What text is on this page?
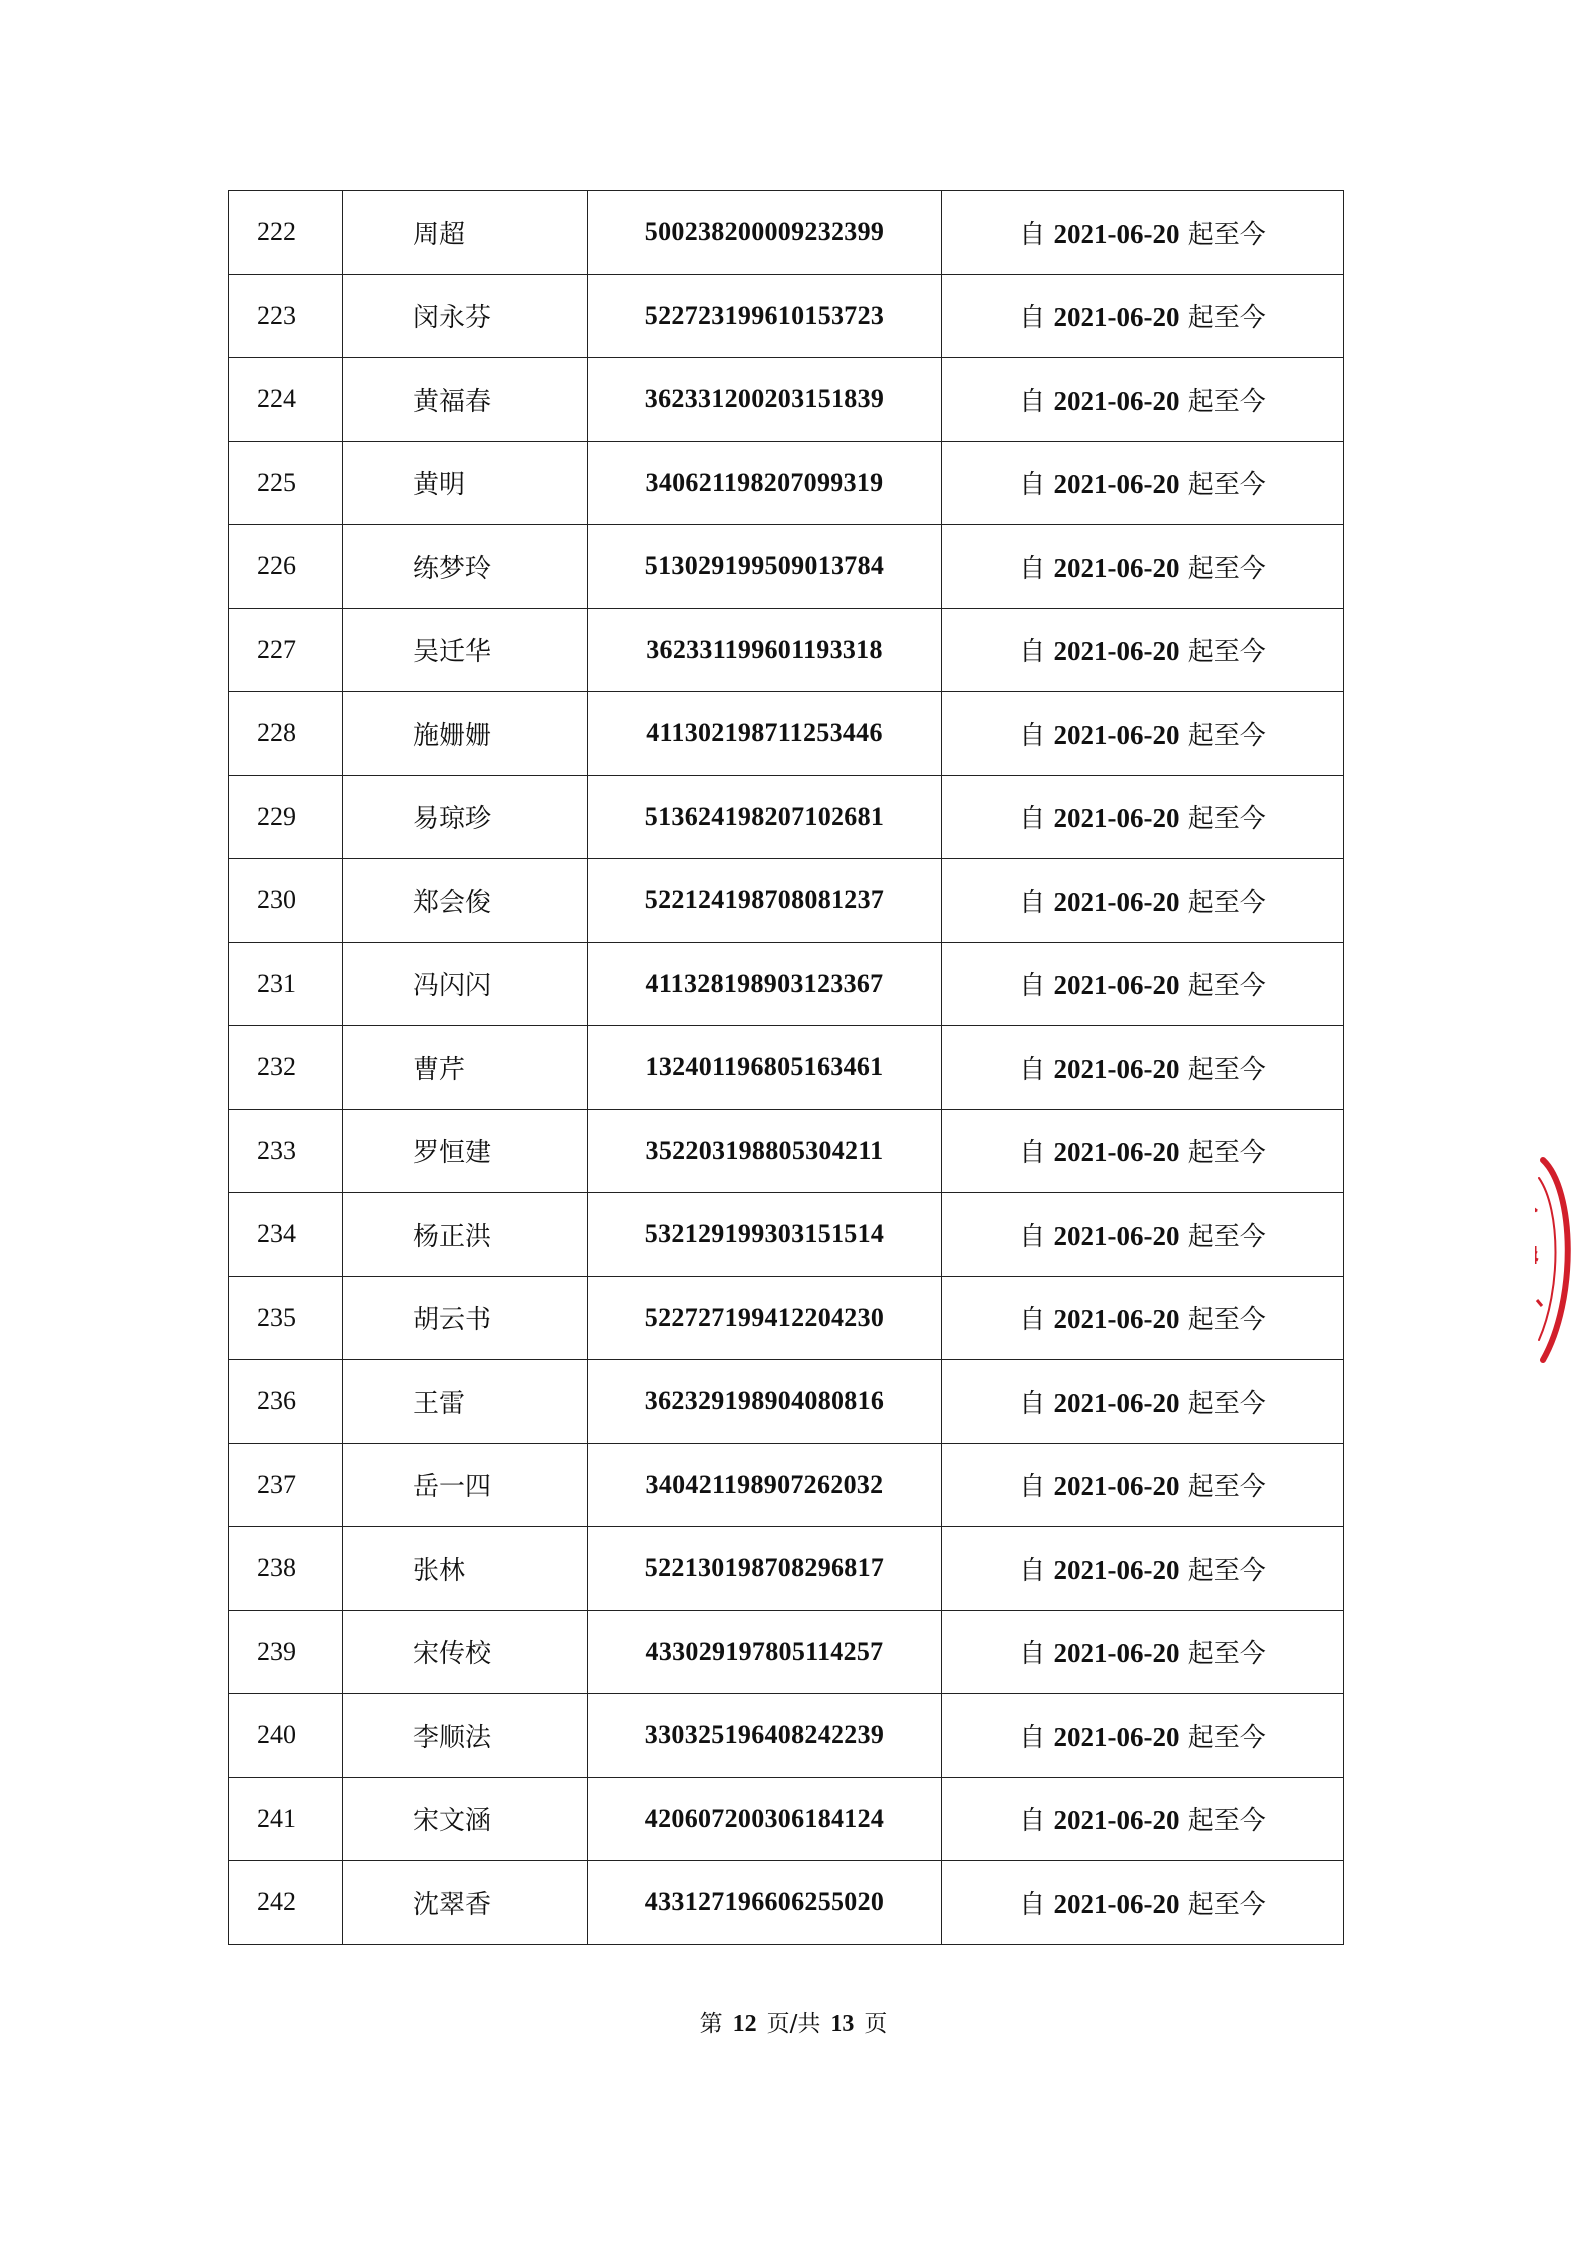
222	周超	500238200009232399	自 2021-06-20 起至今
223	闵永芬	522723199610153723	自 2021-06-20 起至今
224	黄福春	362331200203151839	自 2021-06-20 起至今
225	黄明	340621198207099319	自 2021-06-20 起至今
226	练梦玲	513029199509013784	自 2021-06-20 起至今
227	吴迁华	362331199601193318	自 2021-06-20 起至今
228	施姗姗	411302198711253446	自 2021-06-20 起至今
229	易琼珍	513624198207102681	自 2021-06-20 起至今
230	郑会俊	522124198708081237	自 2021-06-20 起至今
231	冯闪闪	411328198903123367	自 2021-06-20 起至今
232	曹芹	132401196805163461	自 2021-06-20 起至今
233	罗恒建	352203198805304211	自 2021-06-20 起至今
234	杨正洪	532129199303151514	自 2021-06-20 起至今
235	胡云书	522727199412204230	自 2021-06-20 起至今
236	王雷	362329198904080816	自 2021-06-20 起至今
237	岳一四	340421198907262032	自 2021-06-20 起至今
238	张林	522130198708296817	自 2021-06-20 起至今
239	宋传校	433029197805114257	自 2021-06-20 起至今
240	李顺法	330325196408242239	自 2021-06-20 起至今
241	宋文涵	420607200306184124	自 2021-06-20 起至今
242	沈翠香	433127196606255020	自 2021-06-20 起至今
第 12 页/共 13 页
